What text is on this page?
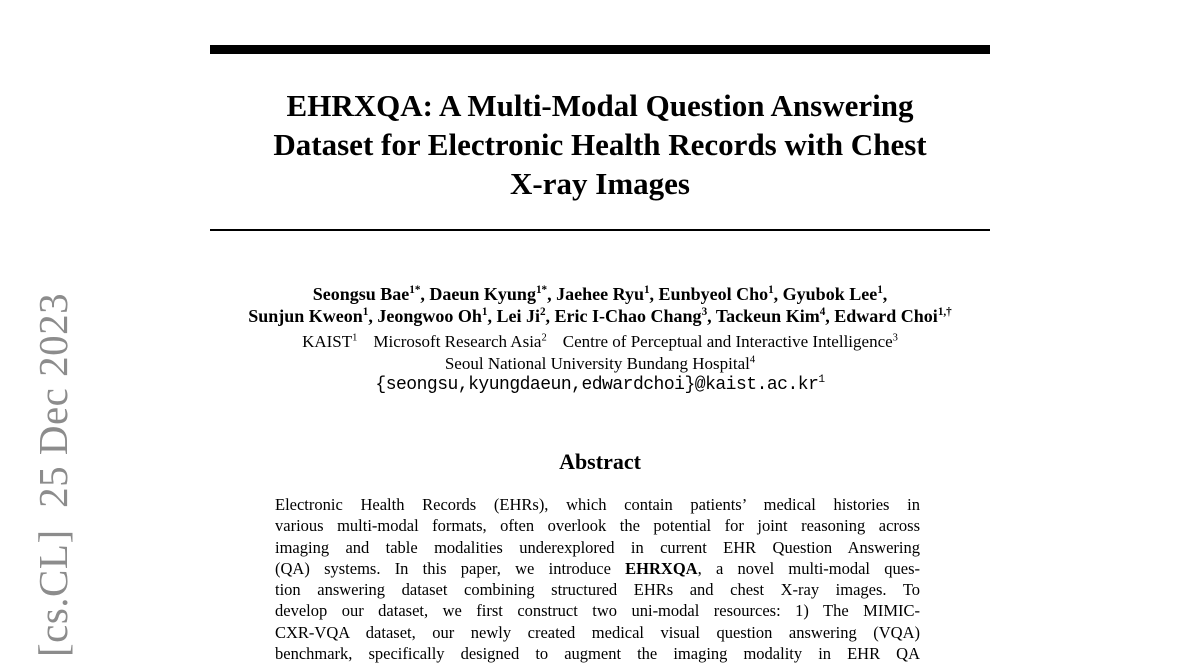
EHRXQA: A Multi-Modal Question Answering
Dataset for Electronic Health Records with Chest
X-ray Images
Seongsu Bae$^{1*}$, Daeun Kyung$^{1*}$, Jaehee Ryu$^1$, Eunbyeol Cho$^1$, Gyubok Lee$^1$,
Sunjun Kweon$^1$, Jeongwoo Oh$^1$, Lei Ji$^2$, Eric I-Chao Chang$^3$, Tackeun Kim$^4$, Edward Choi$^{1,\dagger}$
KAIST$^1$ Microsoft Research Asia$^2$ Centre of Perceptual and Interactive Intelligence$^3$
Seoul National University Bundang Hospital$^4$
$\{seongsu,kyungdaeun,edwardchoi\}@kaist.ac.kr^1$
Abstract
Electronic Health Records (EHRs), which contain patients’ medical histories in
various multi-modal formats, often overlook the potential for joint reasoning across
imaging and table modalities underexplored in current EHR Question Answering
(QA) systems. In this paper, we introduce EHRXQA, a novel multi-modal ques-
tion answering dataset combining structured EHRs and chest X-ray images. To
develop our dataset, we first construct two uni-modal resources: 1) The MIMIC-
CXR-VQA dataset, our newly created medical visual question answering (VQA)
benchmark, specifically designed to augment the imaging modality in EHR QA
[cs.CL]  25 Dec 2023
